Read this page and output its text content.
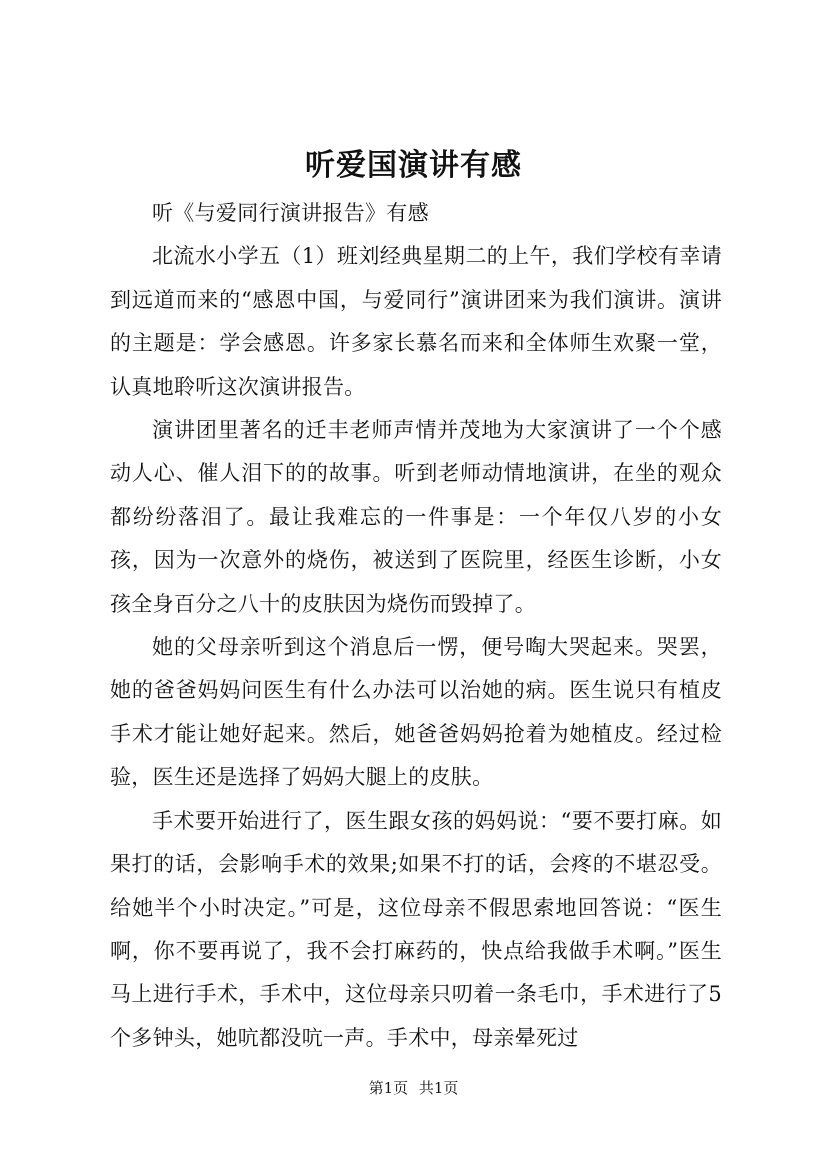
听爱国演讲有感

听《与爱同行演讲报告》有感

北流水小学五（1）班刘经典星期二的上午，我们学校有幸请到远道而来的“感恩中国，与爱同行”演讲团来为我们演讲。演讲的主题是：学会感恩。许多家长慕名而来和全体师生欢聚一堂，认真地聆听这次演讲报告。

演讲团里著名的迁丰老师声情并茂地为大家演讲了一个个感动人心、催人泪下的的故事。听到老师动情地演讲，在坐的观众都纷纷落泪了。最让我难忘的一件事是：一个年仅八岁的小女孩，因为一次意外的烧伤，被送到了医院里，经医生诊断，小女孩全身百分之八十的皮肤因为烧伤而毁掉了。

她的父母亲听到这个消息后一愣，便号啕大哭起来。哭罢，她的爸爸妈妈问医生有什么办法可以治她的病。医生说只有植皮手术才能让她好起来。然后，她爸爸妈妈抢着为她植皮。经过检验，医生还是选择了妈妈大腿上的皮肤。

手术要开始进行了，医生跟女孩的妈妈说：“要不要打麻。如果打的话，会影响手术的效果;如果不打的话，会疼的不堪忍受。给她半个小时决定。”可是，这位母亲不假思索地回答说：“医生啊，你不要再说了，我不会打麻药的，快点给我做手术啊。”医生马上进行手术，手术中，这位母亲只叨着一条毛巾，手术进行了5个多钟头，她吭都没吭一声。手术中，母亲晕死过

第1页 共1页
